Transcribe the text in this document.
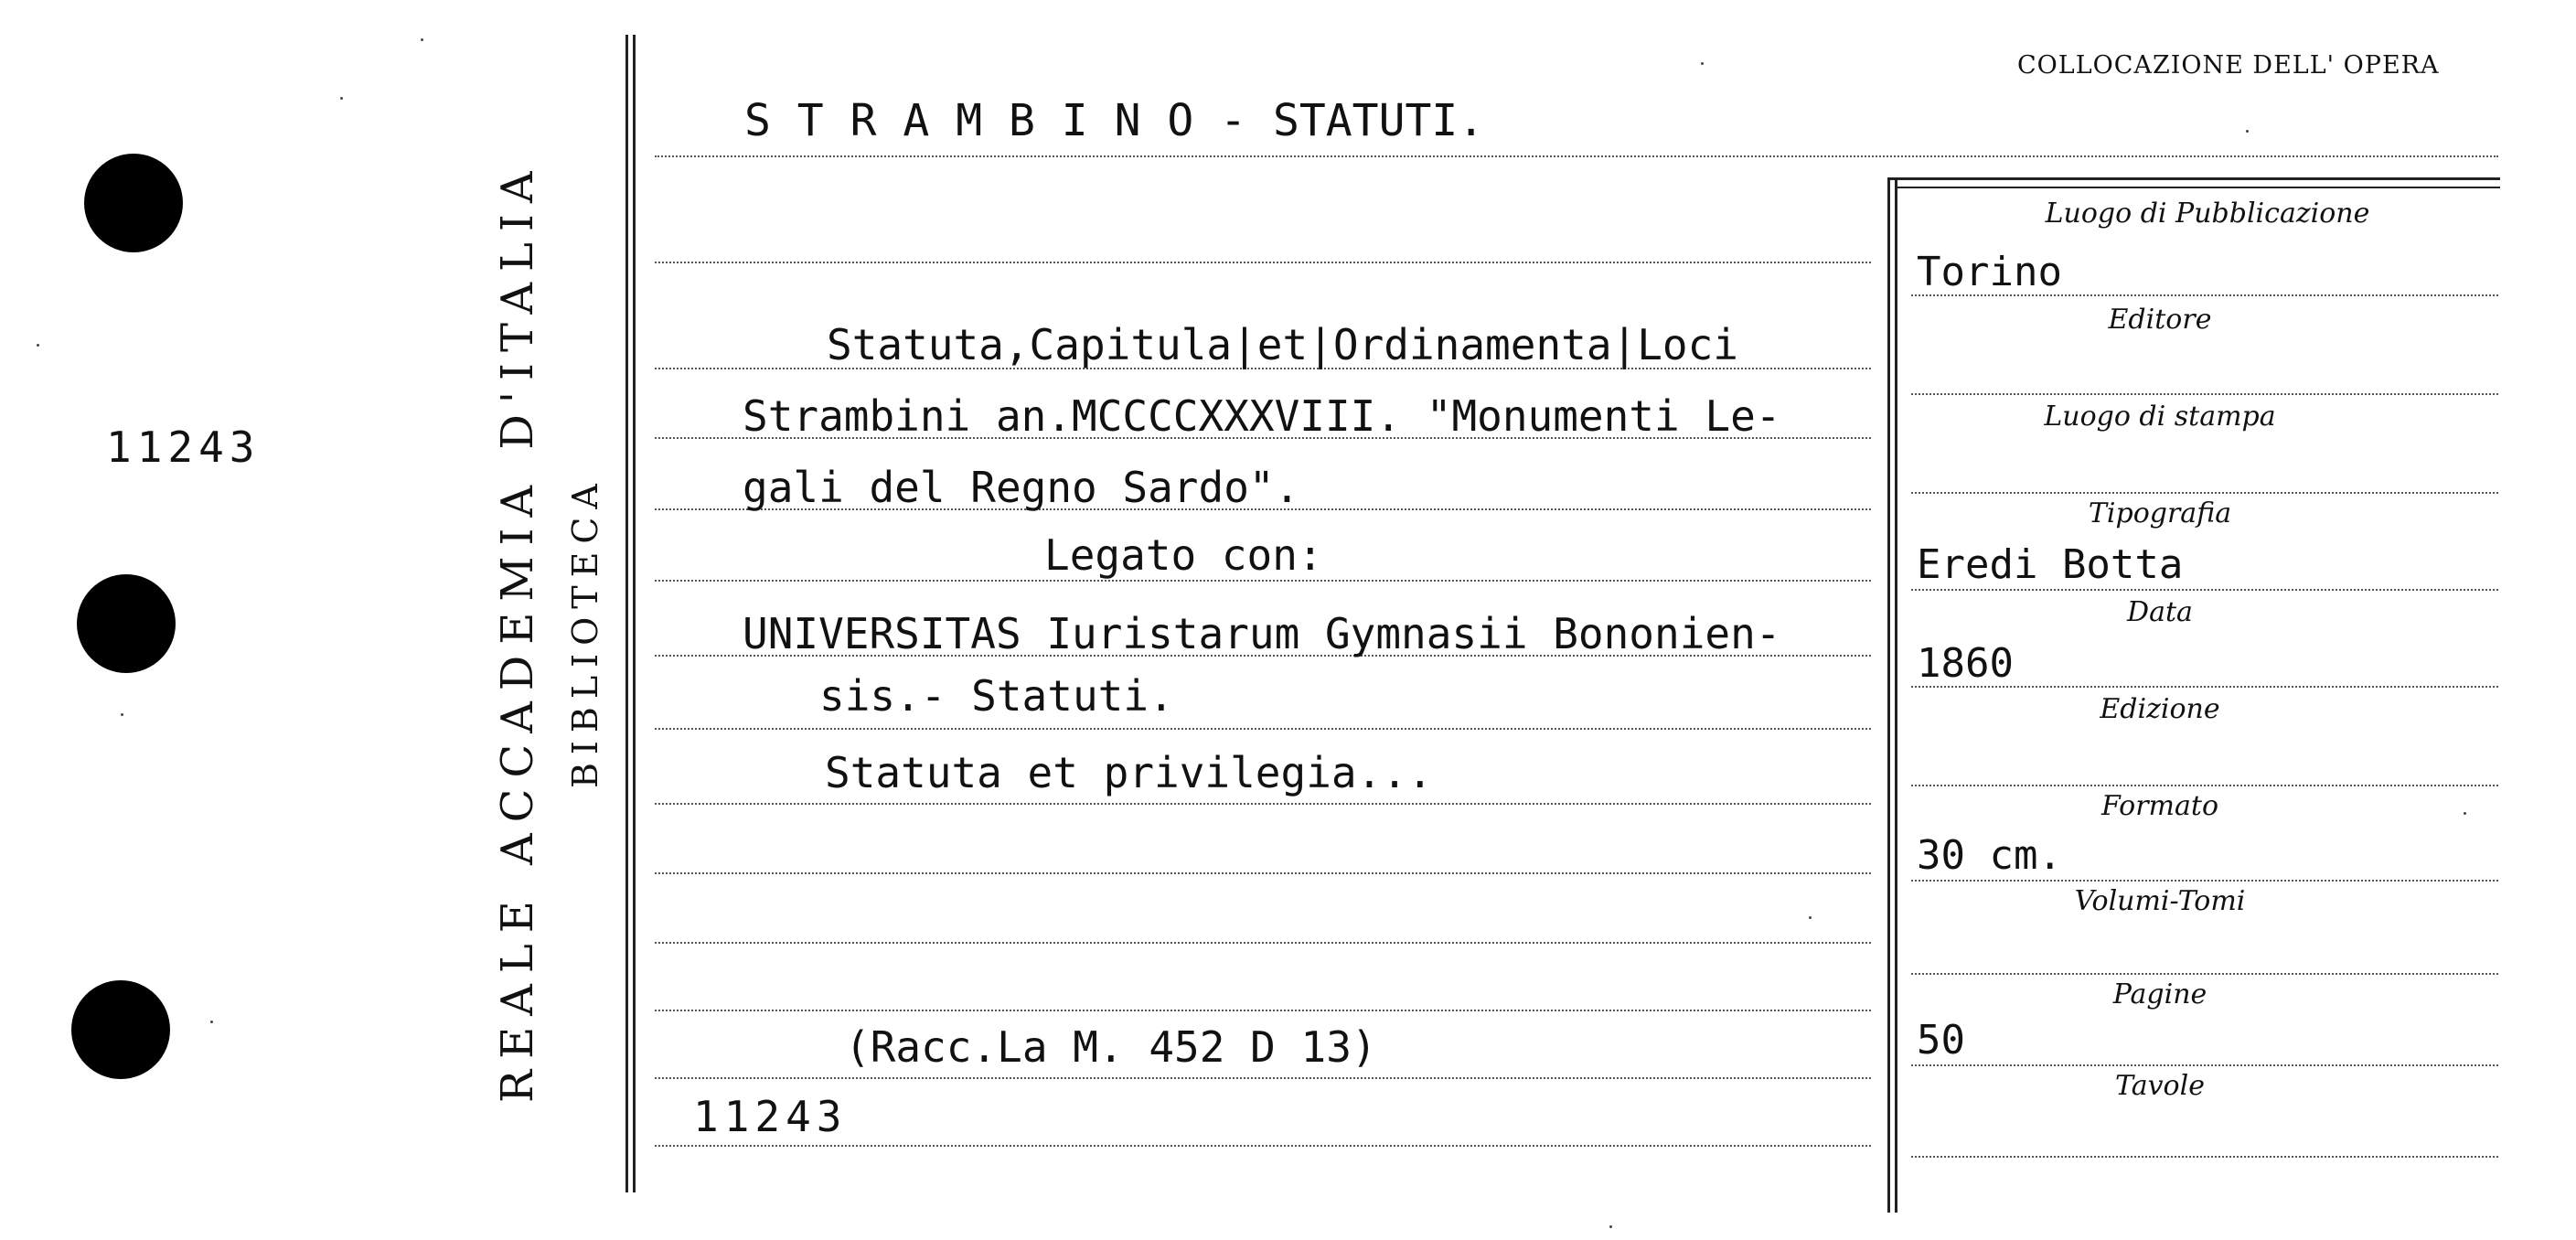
11243	REALE ACCADEMIA D'ITALIA BIBLIOTECA
COLLOCAZIONE DELL' OPERA
S T R A M B I N O - STATUTI.
Statuta,Capitula|et|Ordinamenta|Loci
Strambini an.MCCCCXXXVIII. "Monumenti Le-
gali del Regno Sardo".
Legato con:
UNIVERSITAS Iuristarum Gymnasii Bononien-
sis.- Statuti.
Statuta et privilegia...
(Racc.La M. 452 D 13)
11243
Luogo di Pubblicazione
Editore
Luogo di stampa
Tipografia
Data
Edizione
Formato
Volumi-Tomi
Pagine
Tavole
Torino
Eredi Botta
1860
30 cm.
50
